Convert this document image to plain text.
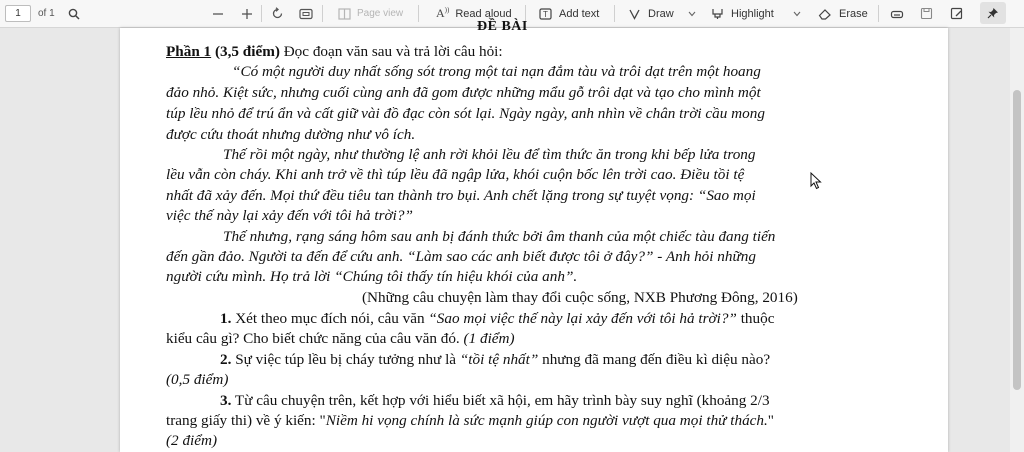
1	of 1	Page view	A)) Read aloud	T Add text	Draw	Highlight	Erase
ĐỀ BÀI
Phần 1 (3,5 điểm) Đọc đoạn văn sau và trả lời câu hỏi:
“Có một người duy nhất sống sót trong một tai nạn đắm tàu và trôi dạt trên một hoang
đảo nhỏ. Kiệt sức, nhưng cuối cùng anh đã gom được những mẩu gỗ trôi dạt và tạo cho mình một
túp lều nhỏ để trú ẩn và cất giữ vài đồ đạc còn sót lại. Ngày ngày, anh nhìn về chân trời cầu mong
được cứu thoát nhưng dường như vô ích.
Thế rồi một ngày, như thường lệ anh rời khỏi lều để tìm thức ăn trong khi bếp lửa trong
lều vẫn còn cháy. Khi anh trở về thì túp lều đã ngập lửa, khói cuộn bốc lên trời cao. Điều tồi tệ
nhất đã xảy đến. Mọi thứ đều tiêu tan thành tro bụi. Anh chết lặng trong sự tuyệt vọng: “Sao mọi
việc thế này lại xảy đến với tôi hả trời?”
Thế nhưng, rạng sáng hôm sau anh bị đánh thức bởi âm thanh của một chiếc tàu đang tiến
đến gần đảo. Người ta đến để cứu anh. “Làm sao các anh biết được tôi ở đây?” - Anh hỏi những
người cứu mình. Họ trả lời “Chúng tôi thấy tín hiệu khói của anh”.
(Những câu chuyện làm thay đổi cuộc sống, NXB Phương Đông, 2016)
1. Xét theo mục đích nói, câu văn “Sao mọi việc thế này lại xảy đến với tôi hả trời?” thuộc
kiểu câu gì? Cho biết chức năng của câu văn đó. (1 điểm)
2. Sự việc túp lều bị cháy tưởng như là “tồi tệ nhất” nhưng đã mang đến điều kì diệu nào?
(0,5 điểm)
3. Từ câu chuyện trên, kết hợp với hiểu biết xã hội, em hãy trình bày suy nghĩ (khoảng 2/3
trang giấy thi) về ý kiến: "Niềm hi vọng chính là sức mạnh giúp con người vượt qua mọi thử thách."
(2 điểm)
